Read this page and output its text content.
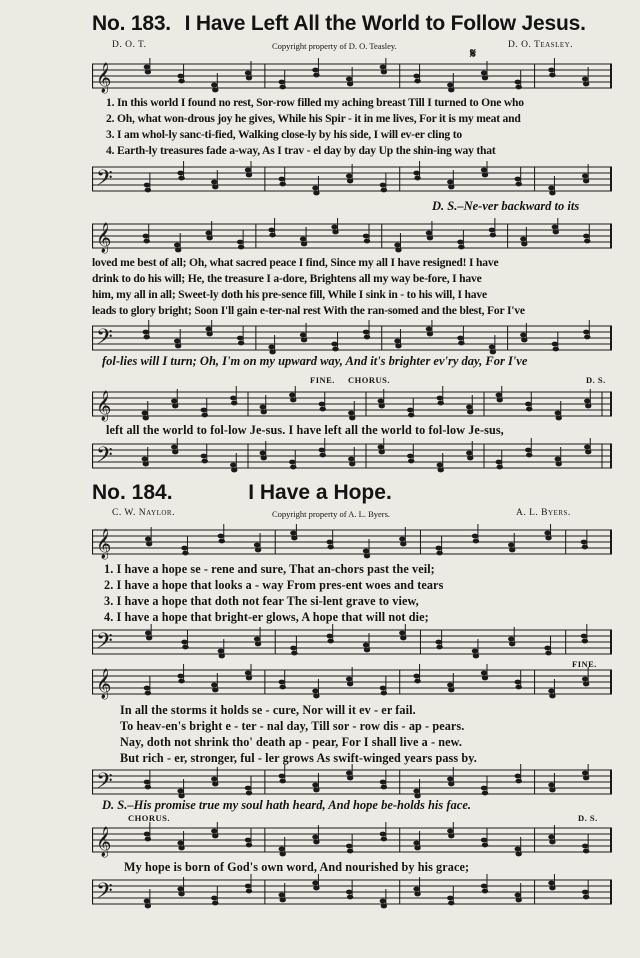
No. 183. I Have Left All the World to Follow Jesus.
D. O. T.	Copyright property of D. O. Teasley.	D. O. Teasley.
𝄋
𝄞
1. In this world I found no rest, Sor-row filled my aching breast Till I turned to One who
2. Oh, what won-drous joy he gives, While his Spir - it in me lives, For it is my meat and
3. I am whol-ly sanc-ti-fied, Walking close-ly by his side, I will ev-er cling to
4. Earth-ly treasures fade a-way, As I trav - el day by day Up the shin-ing way that
𝄢
D. S.–Ne-ver backward to its
𝄞
loved me best of all; Oh, what sacred peace I find, Since my all I have resigned! I have
drink to do his will; He, the treasure I a-dore, Brightens all my way be-fore, I have
him, my all in all; Sweet-ly doth his pre-sence fill, While I sink in - to his will, I have
leads to glory bright; Soon I'll gain e-ter-nal rest With the ran-somed and the blest, For I've
𝄢
fol-lies will I turn; Oh, I'm on my upward way, And it's brighter ev'ry day, For I've
FINE. CHORUS.	D. S.
𝄞
left all the world to fol-low Je-sus. I have left all the world to fol-low Je-sus,
𝄢
No. 184.	I Have a Hope.
C. W. Naylor.	Copyright property of A. L. Byers.	A. L. Byers.
𝄞
1. I have a hope se - rene and sure, That an-chors past the veil;
2. I have a hope that looks a - way From pres-ent woes and tears
3. I have a hope that doth not fear The si-lent grave to view,
4. I have a hope that bright-er glows, A hope that will not die;
𝄢
FINE.
𝄞
In all the storms it holds se - cure, Nor will it ev - er fail.
To heav-en's bright e - ter - nal day, Till sor - row dis - ap - pears.
Nay, doth not shrink tho' death ap - pear, For I shall live a - new.
But rich - er, stronger, ful - ler grows As swift-winged years pass by.
𝄢
D. S.–His promise true my soul hath heard, And hope be-holds his face.
CHORUS.	D. S.
𝄞
My hope is born of God's own word, And nourished by his grace;
𝄢
